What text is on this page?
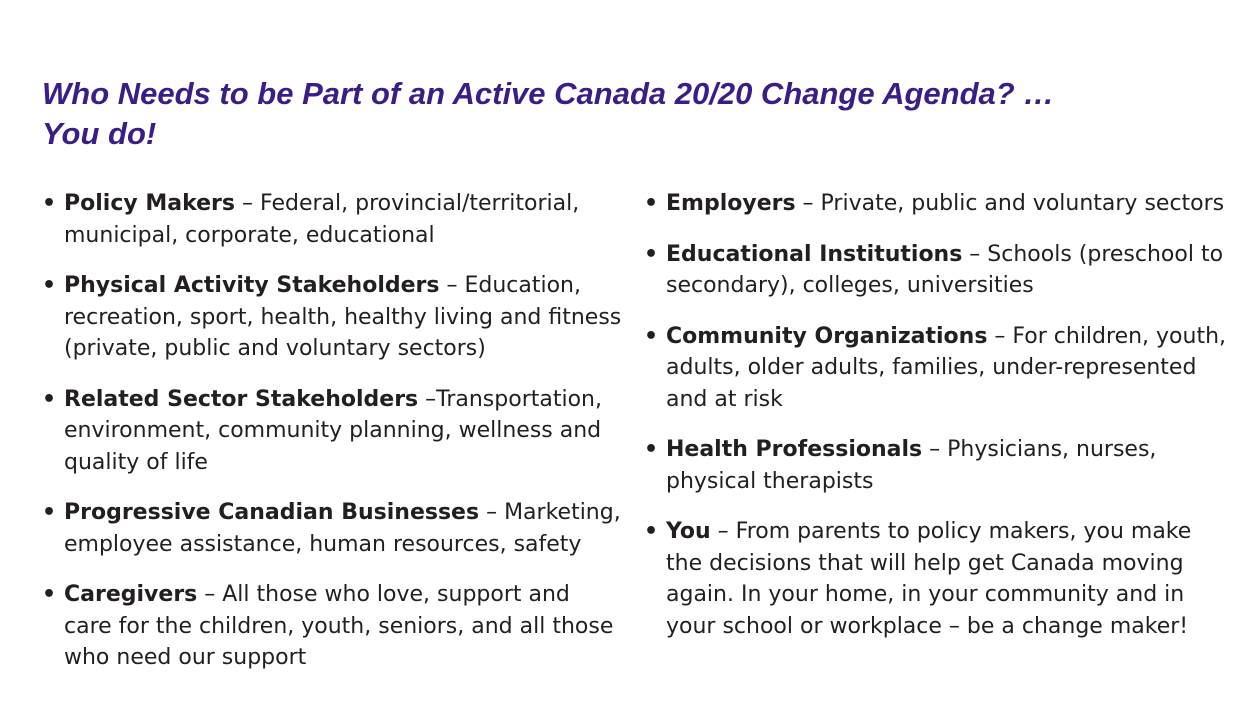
Who Needs to be Part of an Active Canada 20/20 Change Agenda? …
You do!
• Policy Makers – Federal, provincial/territorial, municipal, corporate, educational
• Physical Activity Stakeholders – Education, recreation, sport, health, healthy living and fitness (private, public and voluntary sectors)
• Related Sector Stakeholders –Transportation, environment, community planning, wellness and quality of life
• Progressive Canadian Businesses – Marketing, employee assistance, human resources, safety
• Caregivers – All those who love, support and care for the children, youth, seniors, and all those who need our support
• Employers – Private, public and voluntary sectors
• Educational Institutions – Schools (preschool to secondary), colleges, universities
• Community Organizations – For children, youth, adults, older adults, families, under-represented and at risk
• Health Professionals – Physicians, nurses, physical therapists
• You – From parents to policy makers, you make the decisions that will help get Canada moving again. In your home, in your community and in your school or workplace – be a change maker!
